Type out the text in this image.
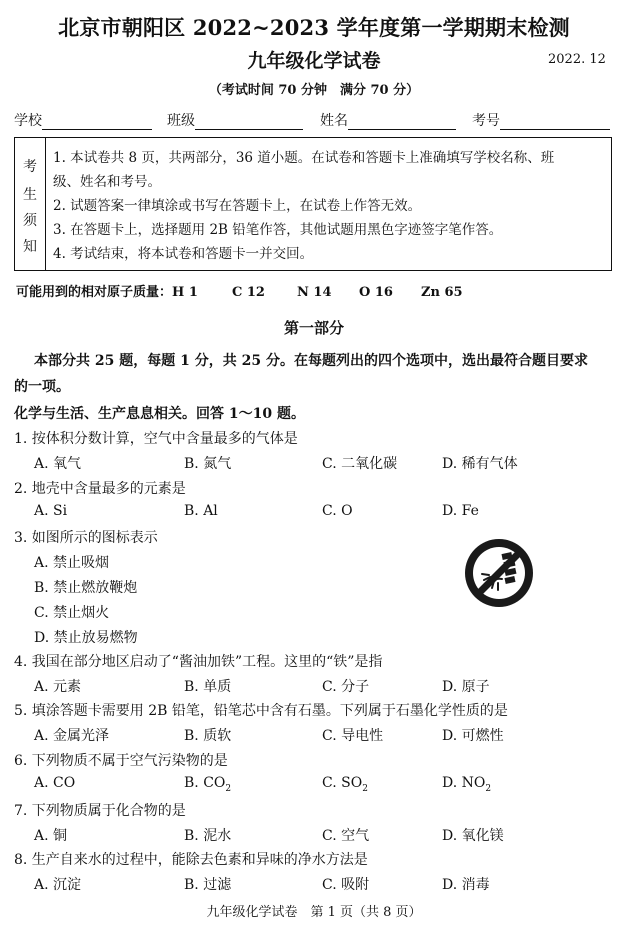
北京市朝阳区 2022~2023 学年度第一学期期末检测
九年级化学试卷	2022. 12
（考试时间 70 分钟　满分 70 分）
学校	班级	姓名	考号
考
生
须
知
1. 本试卷共 8 页，共两部分，36 道小题。在试卷和答题卡上准确填写学校名称、班
级、姓名和考号。
2. 试题答案一律填涂或书写在答题卡上，在试卷上作答无效。
3. 在答题卡上，选择题用 2B 铅笔作答，其他试题用黑色字迹签字笔作答。
4. 考试结束，将本试卷和答题卡一并交回。
可能用到的相对原子质量：H 1	C 12 N 14 O 16 Zn 65
第一部分
本部分共 25 题，每题 1 分，共 25 分。在每题列出的四个选项中，选出最符合题目要求
的一项。
化学与生活、生产息息相关。回答 1～10 题。
1. 按体积分数计算，空气中含量最多的气体是
A. 氧气	B. 氮气	C. 二氧化碳	D. 稀有气体
2. 地壳中含量最多的元素是
A. Si	B. Al	C. O	D. Fe
3. 如图所示的图标表示
A. 禁止吸烟
B. 禁止燃放鞭炮
C. 禁止烟火
D. 禁止放易燃物
4. 我国在部分地区启动了“酱油加铁”工程。这里的“铁”是指
A. 元素	B. 单质	C. 分子	D. 原子
5. 填涂答题卡需要用 2B 铅笔，铅笔芯中含有石墨。下列属于石墨化学性质的是
A. 金属光泽	B. 质软	C. 导电性	D. 可燃性
6. 下列物质不属于空气污染物的是
A. CO	B. $CO_2$	C. $SO_2$	D. $NO_2$
7. 下列物质属于化合物的是
A. 铜	B. 泥水	C. 空气	D. 氧化镁
8. 生产自来水的过程中，能除去色素和异味的净水方法是
A. 沉淀	B. 过滤	C. 吸附	D. 消毒
九年级化学试卷　第 1 页（共 8 页）
